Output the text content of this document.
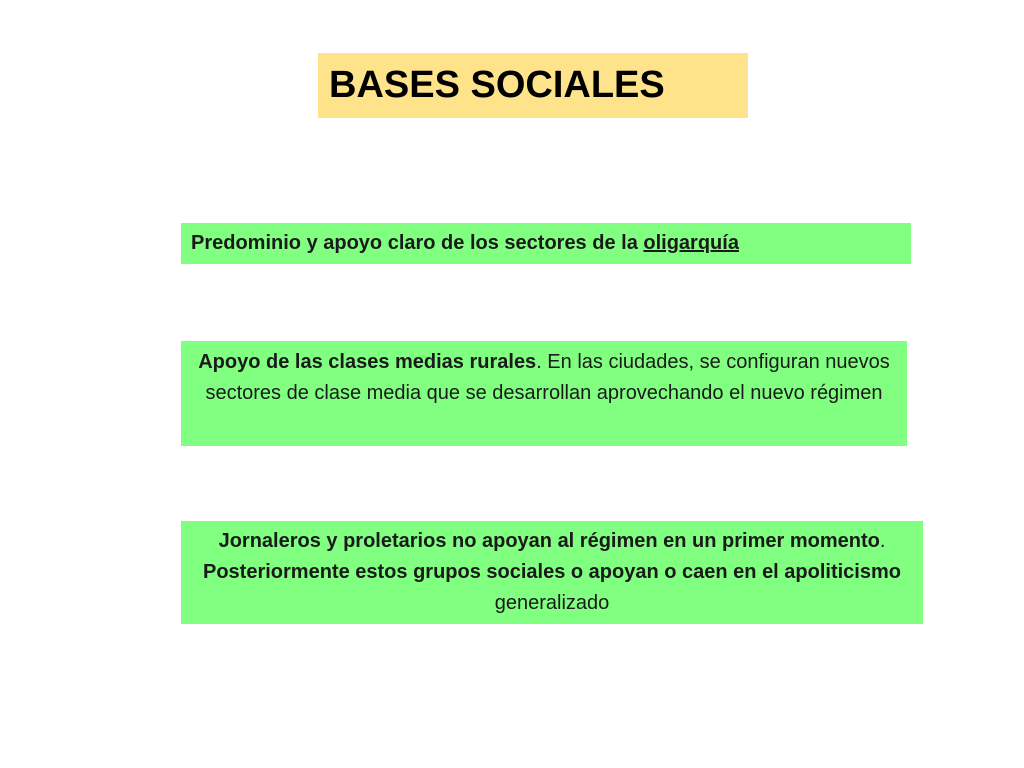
BASES SOCIALES
Predominio y apoyo claro de los sectores de la oligarquía
Apoyo de las clases medias rurales. En las ciudades, se configuran nuevos sectores de clase media que se desarrollan aprovechando el nuevo régimen
Jornaleros y proletarios no apoyan al régimen en un primer momento. Posteriormente estos grupos sociales o apoyan o caen en el apoliticismo generalizado
